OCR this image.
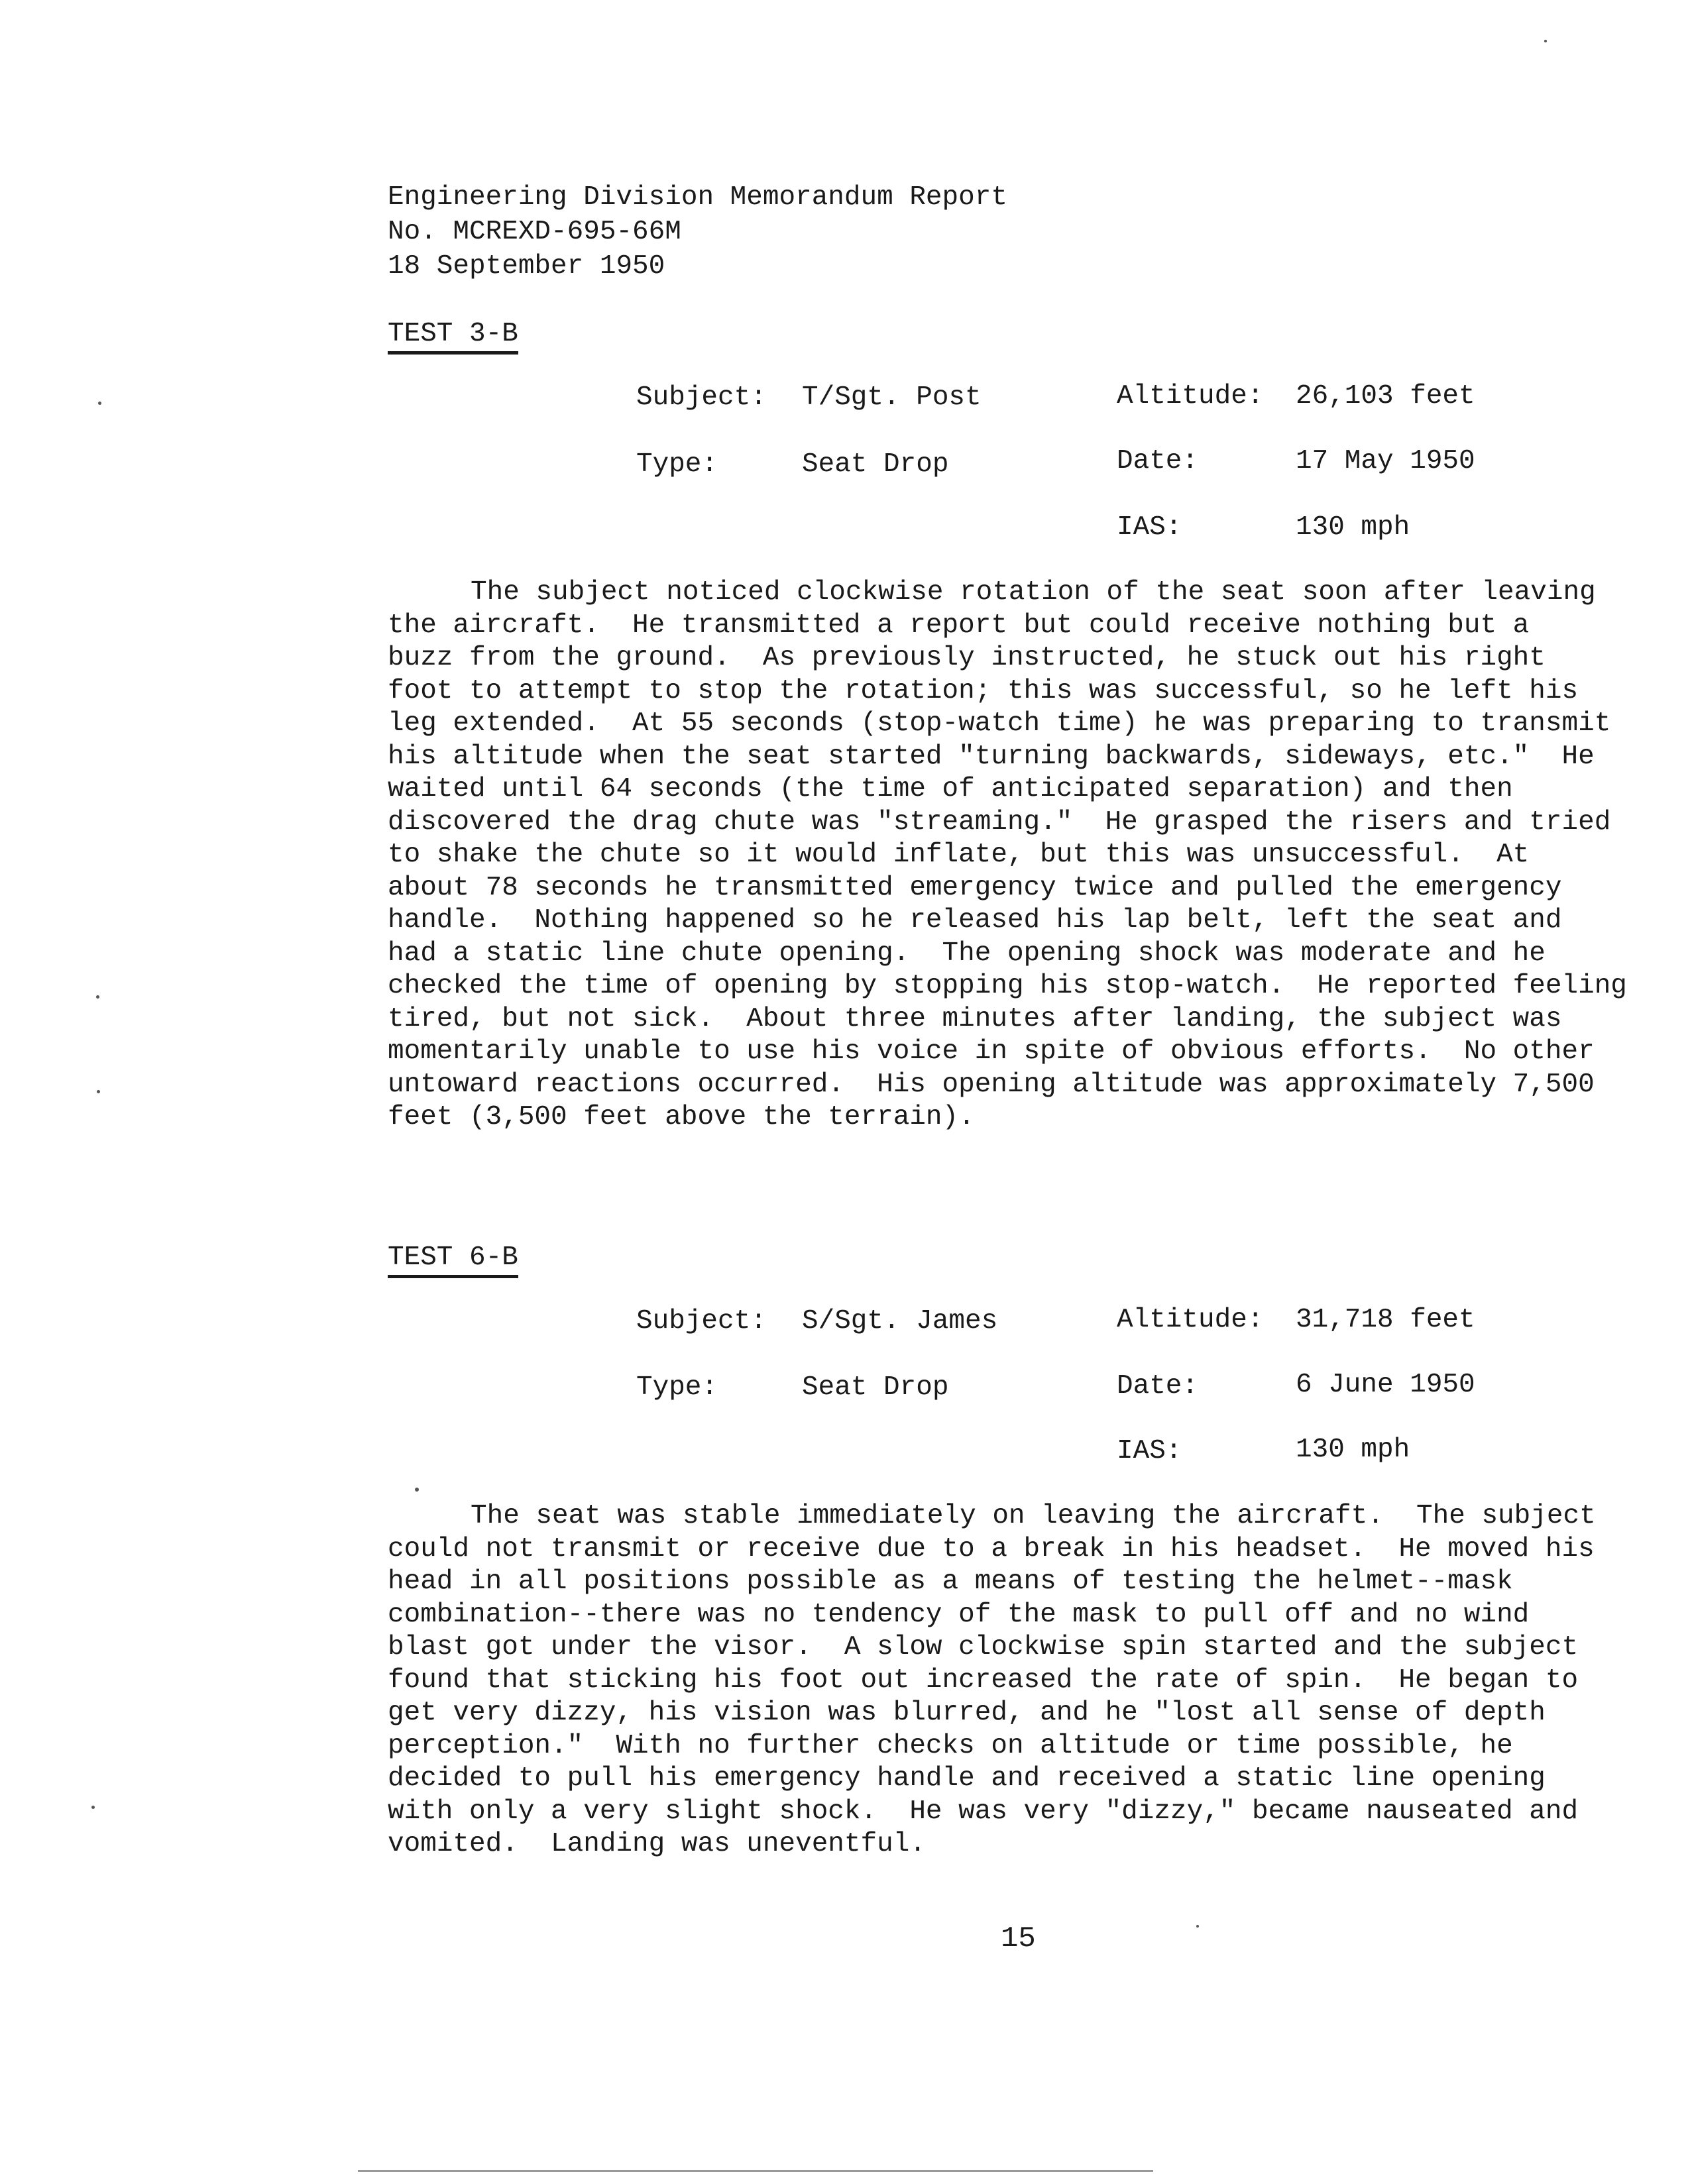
Engineering Division Memorandum Report
No. MCREXD-695-66M
18 September 1950
TEST 3-B
Subject: T/Sgt. Post	Altitude: 26,103 feet
Type:	Seat Drop	Date:	17 May 1950
IAS:	130 mph
The subject noticed clockwise rotation of the seat soon after leaving
the aircraft.  He transmitted a report but could receive nothing but a
buzz from the ground.  As previously instructed, he stuck out his right
foot to attempt to stop the rotation; this was successful, so he left his
leg extended.  At 55 seconds (stop-watch time) he was preparing to transmit
his altitude when the seat started "turning backwards, sideways, etc."  He
waited until 64 seconds (the time of anticipated separation) and then
discovered the drag chute was "streaming."  He grasped the risers and tried
to shake the chute so it would inflate, but this was unsuccessful.  At
about 78 seconds he transmitted emergency twice and pulled the emergency
handle.  Nothing happened so he released his lap belt, left the seat and
had a static line chute opening.  The opening shock was moderate and he
checked the time of opening by stopping his stop-watch.  He reported feeling
tired, but not sick.  About three minutes after landing, the subject was
momentarily unable to use his voice in spite of obvious efforts.  No other
untoward reactions occurred.  His opening altitude was approximately 7,500
feet (3,500 feet above the terrain).
TEST 6-B
Subject: S/Sgt. James	Altitude: 31,718 feet
Type:	Seat Drop	Date:	6 June 1950
IAS:	130 mph
The seat was stable immediately on leaving the aircraft.  The subject
could not transmit or receive due to a break in his headset.  He moved his
head in all positions possible as a means of testing the helmet--mask
combination--there was no tendency of the mask to pull off and no wind
blast got under the visor.  A slow clockwise spin started and the subject
found that sticking his foot out increased the rate of spin.  He began to
get very dizzy, his vision was blurred, and he "lost all sense of depth
perception."  With no further checks on altitude or time possible, he
decided to pull his emergency handle and received a static line opening
with only a very slight shock.  He was very "dizzy," became nauseated and
vomited.  Landing was uneventful.
15
